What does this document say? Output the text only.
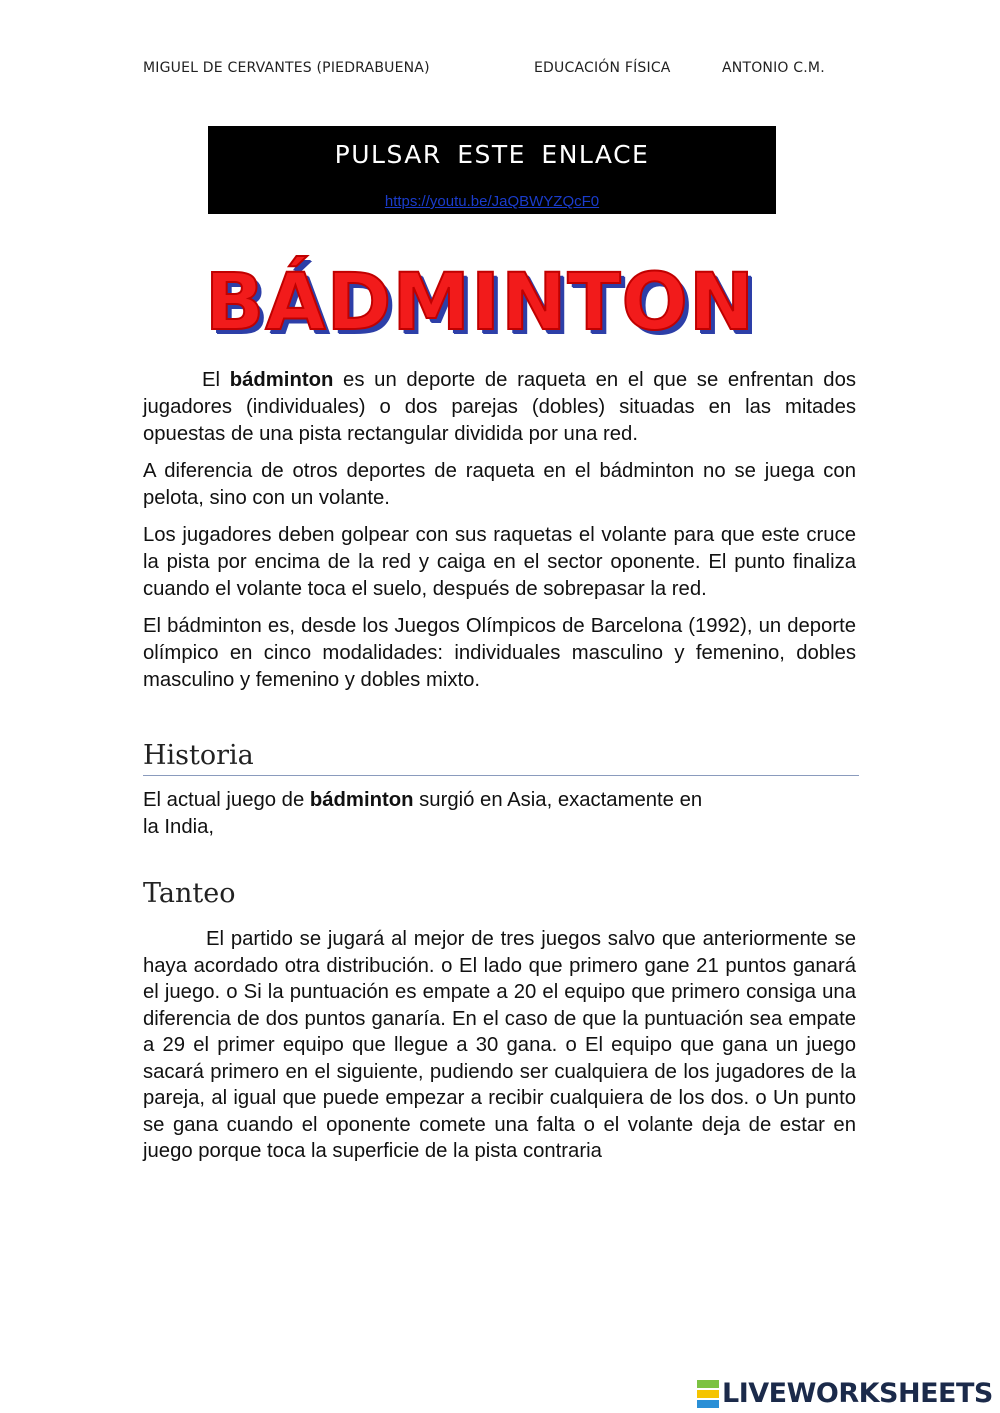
MIGUEL DE CERVANTES (PIEDRABUENA)	EDUCACIÓN FÍSICA	ANTONIO C.M.
PULSAR ESTE ENLACE
https://youtu.be/JaQBWYZQcF0
BÁDMINTON

El bádminton es un deporte de raqueta en el que se enfrentan dos jugadores (individuales) o dos parejas (dobles) situadas en las mitades opuestas de una pista rectangular dividida por una red.

A diferencia de otros deportes de raqueta en el bádminton no se juega con pelota, sino con un volante.

Los jugadores deben golpear con sus raquetas el volante para que este cruce la pista por encima de la red y caiga en el sector oponente. El punto finaliza cuando el volante toca el suelo, después de sobrepasar la red.

El bádminton es, desde los Juegos Olímpicos de Barcelona (1992), un deporte olímpico en cinco modalidades: individuales masculino y femenino, dobles masculino y femenino y dobles mixto.

Historia

El actual juego de bádminton surgió en Asia, exactamente en
la India,

Tanteo

El partido se jugará al mejor de tres juegos salvo que anteriormente se haya acordado otra distribución. o El lado que primero gane 21 puntos ganará el juego. o Si la puntuación es empate a 20 el equipo que primero consiga una diferencia de dos puntos ganaría. En el caso de que la puntuación sea empate a 29 el primer equipo que llegue a 30 gana. o El equipo que gana un juego sacará primero en el siguiente, pudiendo ser cualquiera de los jugadores de la pareja, al igual que puede empezar a recibir cualquiera de los dos. o Un punto se gana cuando el oponente comete una falta o el volante deja de estar en juego porque toca la superficie de la pista contraria

LIVEWORKSHEETS
